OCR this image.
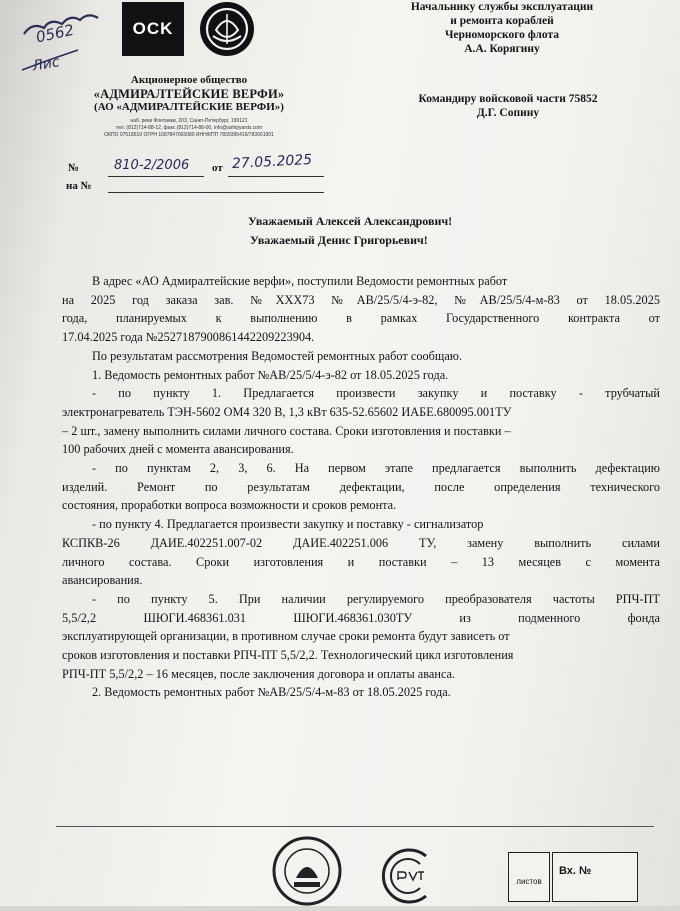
0562
Лис
OCK
Акционерное общество
«АДМИРАЛТЕЙСКИЕ ВЕРФИ»
(АО «АДМИРАЛТЕЙСКИЕ ВЕРФИ»)
наб. реки Фонтанки, 203, Санкт-Петербург, 190121
тел. (812)714-88-12, факс (812)714-88-00, info@ashipyards.com
ОКПО 07518519 ОГРН 1087847003080 ИНН/КПП 7839395419/783901001
№	810-2/2006 от 27.05.2025
на №
Начальнику службы эксплуатации
и ремонта кораблей
Черноморского флота
А.А. Корягину
Командиру войсковой части 75852
Д.Г. Сопину
Уважаемый Алексей Александрович!
Уважаемый Денис Григорьевич!
В адрес «АО Адмиралтейские верфи», поступили Ведомости ремонтных работ
на 2025 год заказа зав. №ХХХ73 №АВ/25/5/4-э-82, №АВ/25/5/4-м-83 от 18.05.2025
года, планируемых к выполнению в рамках Государственного контракта от
17.04.2025 года №2527187900861442209223904.
По результатам рассмотрения Ведомостей ремонтных работ сообщаю.
1. Ведомость ремонтных работ №АВ/25/5/4-э-82 от 18.05.2025 года.
- по пункту 1. Предлагается произвести закупку и поставку - трубчатый
электронагреватель ТЭН-5602 ОМ4 320 В, 1,3 кВт 635-52.65602 ИАБЕ.680095.001ТУ
– 2 шт., замену выполнить силами личного состава. Сроки изготовления и поставки –
100 рабочих дней с момента авансирования.
- по пунктам 2, 3, 6. На первом этапе предлагается выполнить дефектацию
изделий. Ремонт по результатам дефектации, после определения технического
состояния, проработки вопроса возможности и сроков ремонта.
- по пункту 4. Предлагается произвести закупку и поставку - сигнализатор
КСПКВ-26 ДАИЕ.402251.007-02 ДАИЕ.402251.006 ТУ, замену выполнить силами
личного состава. Сроки изготовления и поставки – 13 месяцев с момента
авансирования.
- по пункту 5. При наличии регулируемого преобразователя частоты РПЧ-ПТ
5,5/2,2 ШЮГИ.468361.031 ШЮГИ.468361.030ТУ из подменного фонда
эксплуатирующей организации, в противном случае сроки ремонта будут зависеть от
сроков изготовления и поставки РПЧ-ПТ 5,5/2,2. Технологический цикл изготовления
РПЧ-ПТ 5,5/2,2 – 16 месяцев, после заключения договора и оплаты аванса.
2. Ведомость ремонтных работ №АВ/25/5/4-м-83 от 18.05.2025 года.
листов
Вх. №
